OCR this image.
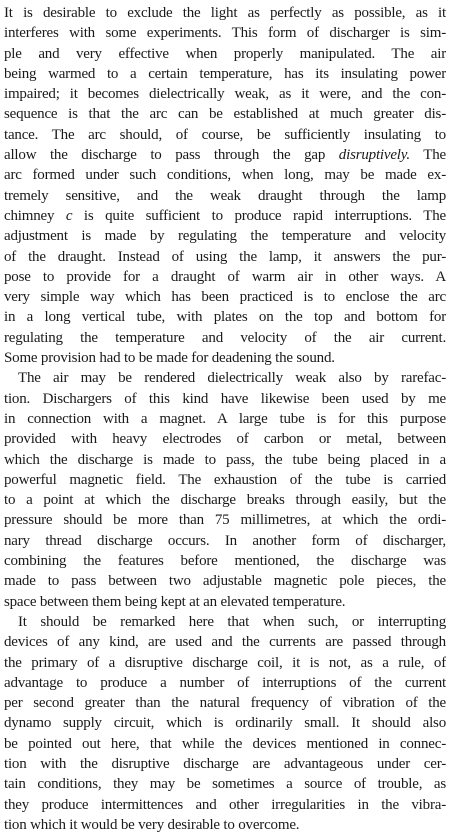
It is desirable to exclude the light as perfectly as possible, as it
interferes with some experiments. This form of discharger is sim-
ple and very effective when properly manipulated. The air
being warmed to a certain temperature, has its insulating power
impaired; it becomes dielectrically weak, as it were, and the con-
sequence is that the arc can be established at much greater dis-
tance. The arc should, of course, be sufficiently insulating to
allow the discharge to pass through the gap disruptively. The
arc formed under such conditions, when long, may be made ex-
tremely sensitive, and the weak draught through the lamp
chimney c is quite sufficient to produce rapid interruptions. The
adjustment is made by regulating the temperature and velocity
of the draught. Instead of using the lamp, it answers the pur-
pose to provide for a draught of warm air in other ways. A
very simple way which has been practiced is to enclose the arc
in a long vertical tube, with plates on the top and bottom for
regulating the temperature and velocity of the air current.
Some provision had to be made for deadening the sound.
The air may be rendered dielectrically weak also by rarefac-
tion. Dischargers of this kind have likewise been used by me
in connection with a magnet. A large tube is for this purpose
provided with heavy electrodes of carbon or metal, between
which the discharge is made to pass, the tube being placed in a
powerful magnetic field. The exhaustion of the tube is carried
to a point at which the discharge breaks through easily, but the
pressure should be more than 75 millimetres, at which the ordi-
nary thread discharge occurs. In another form of discharger,
combining the features before mentioned, the discharge was
made to pass between two adjustable magnetic pole pieces, the
space between them being kept at an elevated temperature.
It should be remarked here that when such, or interrupting
devices of any kind, are used and the currents are passed through
the primary of a disruptive discharge coil, it is not, as a rule, of
advantage to produce a number of interruptions of the current
per second greater than the natural frequency of vibration of the
dynamo supply circuit, which is ordinarily small. It should also
be pointed out here, that while the devices mentioned in connec-
tion with the disruptive discharge are advantageous under cer-
tain conditions, they may be sometimes a source of trouble, as
they produce intermittences and other irregularities in the vibra-
tion which it would be very desirable to overcome.
